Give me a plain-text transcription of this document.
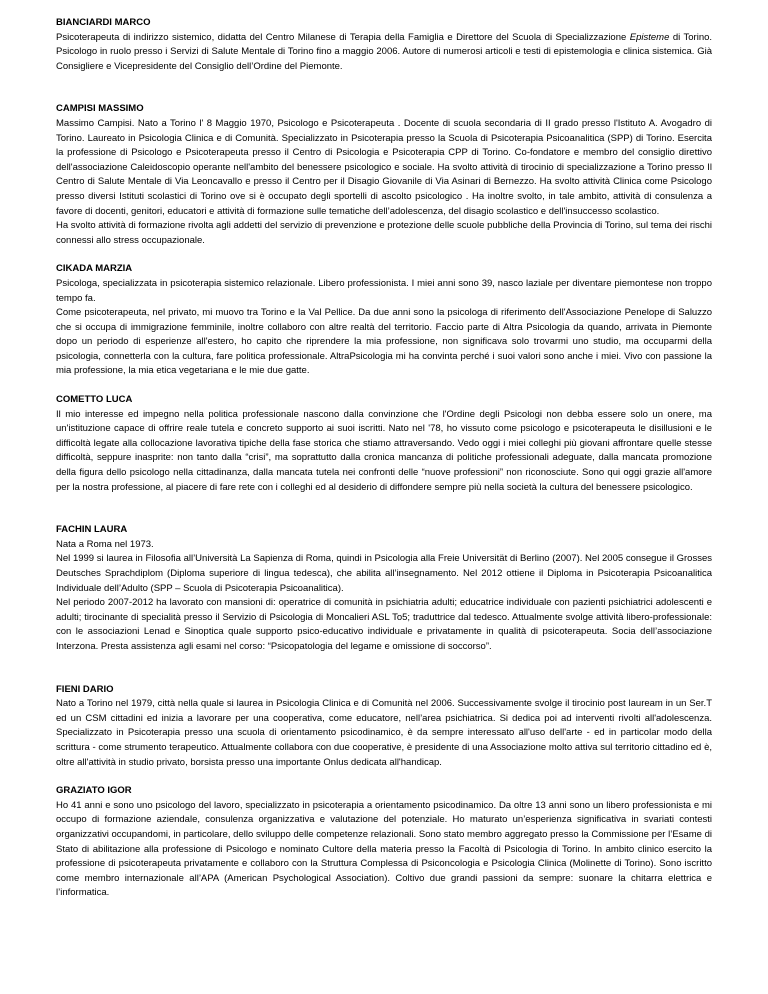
BIANCIARDI MARCO
Psicoterapeuta di indirizzo sistemico, didatta del Centro Milanese di Terapia della Famiglia e Direttore del Scuola di Specializzazione Episteme di Torino. Psicologo in ruolo presso i Servizi di Salute Mentale di Torino fino a maggio 2006. Autore di numerosi articoli e testi di epistemologia e clinica sistemica. Già Consigliere e Vicepresidente del Consiglio dell’Ordine del Piemonte.
CAMPISI MASSIMO
Massimo Campisi. Nato a Torino l' 8 Maggio 1970, Psicologo e Psicoterapeuta . Docente di scuola secondaria di II grado presso l'Istituto A. Avogadro di Torino. Laureato in Psicologia Clinica e di Comunità. Specializzato in Psicoterapia presso la Scuola di Psicoterapia Psicoanalitica (SPP) di Torino. Esercita la professione di Psicologo e Psicoterapeuta presso il Centro di Psicologia e Psicoterapia CPP di Torino. Co-fondatore e membro del consiglio direttivo dell'associazione Caleidoscopio operante nell'ambito del benessere psicologico e sociale. Ha svolto attività di tirocinio di specializzazione a Torino presso Il Centro di Salute Mentale di Via Leoncavallo e presso il Centro per il Disagio Giovanile di Via Asinari di Bernezzo. Ha svolto attività Clinica come Psicologo presso diversi Istituti scolastici di Torino ove si è occupato degli sportelli di ascolto psicologico . Ha inoltre svolto, in tale ambito, attività di consulenza a favore di docenti, genitori, educatori e attività di formazione sulle tematiche dell’adolescenza, del disagio scolastico e dell'insuccesso scolastico.
Ha svolto attività di formazione rivolta agli addetti del servizio di prevenzione e protezione delle scuole pubbliche della Provincia di Torino, sul tema dei rischi connessi allo stress occupazionale.
CIKADA MARZIA
Psicologa, specializzata in psicoterapia sistemico relazionale. Libero professionista. I miei anni sono 39, nasco laziale per diventare piemontese non troppo tempo fa.
Come psicoterapeuta, nel privato, mi muovo tra Torino e la Val Pellice. Da due anni sono la psicologa di riferimento dell'Associazione Penelope di Saluzzo che si occupa di immigrazione femminile, inoltre collaboro con altre realtà del territorio. Faccio parte di Altra Psicologia da quando, arrivata in Piemonte dopo un periodo di esperienze all'estero, ho capito che riprendere la mia professione, non significava solo trovarmi uno studio, ma occuparmi della psicologia, connetterla con la cultura, fare politica professionale. AltraPsicologia mi ha convinta perché i suoi valori sono anche i miei. Vivo con passione la mia professione, la mia etica vegetariana e le mie due gatte.
COMETTO LUCA
Il mio interesse ed impegno nella politica professionale nascono dalla convinzione che l'Ordine degli Psicologi non debba essere solo un onere, ma un'istituzione capace di offrire reale tutela e concreto supporto ai suoi iscritti. Nato nel '78, ho vissuto come psicologo e psicoterapeuta le disillusioni e le difficoltà legate alla collocazione lavorativa tipiche della fase storica che stiamo attraversando. Vedo oggi i miei colleghi più giovani affrontare quelle stesse difficoltà, seppure inasprite: non tanto dalla “crisi”, ma soprattutto dalla cronica mancanza di politiche professionali adeguate, dalla mancata promozione della figura dello psicologo nella cittadinanza, dalla mancata tutela nei confronti delle “nuove professioni” non riconosciute. Sono qui oggi grazie all'amore per la nostra professione, al piacere di fare rete con i colleghi ed al desiderio di diffondere sempre più nella società la cultura del benessere psicologico.
FACHIN LAURA
Nata a Roma nel 1973.
Nel 1999 si laurea in Filosofia all’Università La Sapienza di Roma, quindi in Psicologia alla Freie Universität di Berlino (2007). Nel 2005 consegue il Grosses Deutsches Sprachdiplom (Diploma superiore di lingua tedesca), che abilita all’insegnamento. Nel 2012 ottiene il Diploma in Psicoterapia Psicoanalitica Individuale dell’Adulto (SPP – Scuola di Psicoterapia Psicoanalitica).
Nel periodo 2007-2012 ha lavorato con mansioni di: operatrice di comunità in psichiatria adulti; educatrice individuale con pazienti psichiatrici adolescenti e adulti; tirocinante di specialità presso il Servizio di Psicologia di Moncalieri ASL To5; traduttrice dal tedesco. Attualmente svolge attività libero-professionale: con le associazioni Lenad e Sinoptica quale supporto psico-educativo individuale e privatamente in qualità di psicoterapeuta. Socia dell’associazione Interzona. Presta assistenza agli esami nel corso: “Psicopatologia del legame e omissione di soccorso”.
FIENI DARIO
Nato a Torino nel 1979, città nella quale si laurea in Psicologia Clinica e di Comunità nel 2006. Successivamente svolge il tirocinio post lauream in un Ser.T ed un CSM cittadini ed inizia a lavorare per una cooperativa, come educatore, nell’area psichiatrica. Si dedica poi ad interventi rivolti all'adolescenza. Specializzato in Psicoterapia presso una scuola di orientamento psicodinamico, è da sempre interessato all'uso dell'arte - ed in particolar modo della scrittura - come strumento terapeutico. Attualmente collabora con due cooperative, è presidente di una Associazione molto attiva sul territorio cittadino ed è, oltre all'attività in studio privato, borsista presso una importante Onlus dedicata all'handicap.
GRAZIATO IGOR
Ho 41 anni e sono uno psicologo del lavoro, specializzato in psicoterapia a orientamento psicodinamico. Da oltre 13 anni sono un libero professionista e mi occupo di formazione aziendale, consulenza organizzativa e valutazione del potenziale. Ho maturato un’esperienza significativa in svariati contesti organizzativi occupandomi, in particolare, dello sviluppo delle competenze relazionali. Sono stato membro aggregato presso la Commissione per l’Esame di Stato di abilitazione alla professione di Psicologo e nominato Cultore della materia presso la Facoltà di Psicologia di Torino. In ambito clinico esercito la professione di psicoterapeuta privatamente e collaboro con la Struttura Complessa di Psiconcologia e Psicologia Clinica (Molinette di Torino). Sono iscritto come membro internazionale all’APA (American Psychological Association). Coltivo due grandi passioni da sempre: suonare la chitarra elettrica e l’informatica.
